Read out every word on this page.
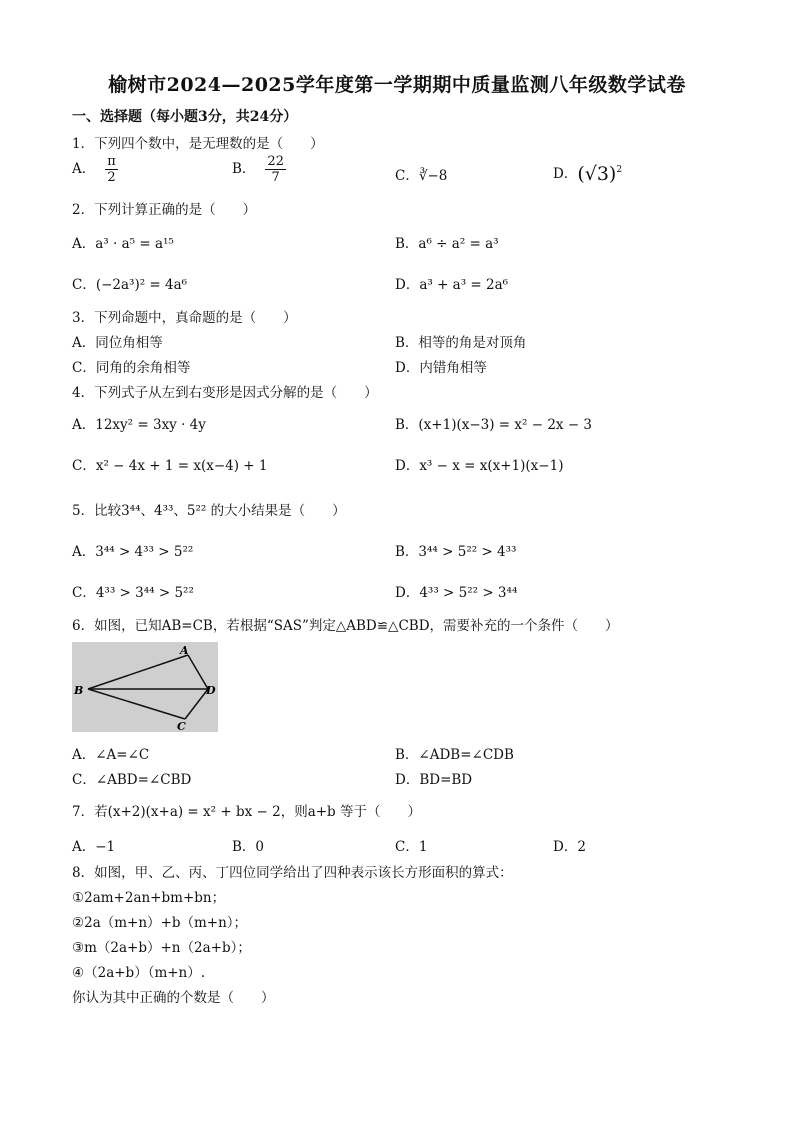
榆树市2024—2025学年度第一学期期中质量监测八年级数学试卷
一、选择题（每小题3分，共24分）
1．下列四个数中，是无理数的是（　　）
A． $\frac{\pi}{2}$	B． $\frac{22}{7}$	C．∛−8	D．$(√3)^2$
2．下列计算正确的是（　　）
A．a³ · a⁵ = a¹⁵	B．a⁶ ÷ a² = a³
C．(−2a³)² = 4a⁶	D．a³ + a³ = 2a⁶
3．下列命题中，真命题的是（　　）
A．同位角相等	B．相等的角是对顶角
C．同角的余角相等	D．内错角相等
4．下列式子从左到右变形是因式分解的是（　　）
A．12xy² = 3xy · 4y	B．(x+1)(x−3) = x² − 2x − 3
C．x² − 4x + 1 = x(x−4) + 1	D．x³ − x = x(x+1)(x−1)
5．比较3⁴⁴、4³³、5²² 的大小结果是（　　）
A．3⁴⁴ > 4³³ > 5²²	B．3⁴⁴ > 5²² > 4³³
C．4³³ > 3⁴⁴ > 5²²	D．4³³ > 5²² > 3⁴⁴
6．如图，已知AB=CB，若根据“SAS”判定△ABD≌△CBD，需要补充的一个条件（　　）
A
B
C
D
A．∠A=∠C	B．∠ADB=∠CDB
C．∠ABD=∠CBD	D．BD=BD
7．若(x+2)(x+a) = x² + bx − 2，则a+b 等于（　　）
A．−1	B．0	C．1	D．2
8．如图，甲、乙、丙、丁四位同学给出了四种表示该长方形面积的算式：
①2am+2an+bm+bn；
②2a（m+n）+b（m+n）；
③m（2a+b）+n（2a+b）；
④（2a+b）（m+n）.
你认为其中正确的个数是（　　）
